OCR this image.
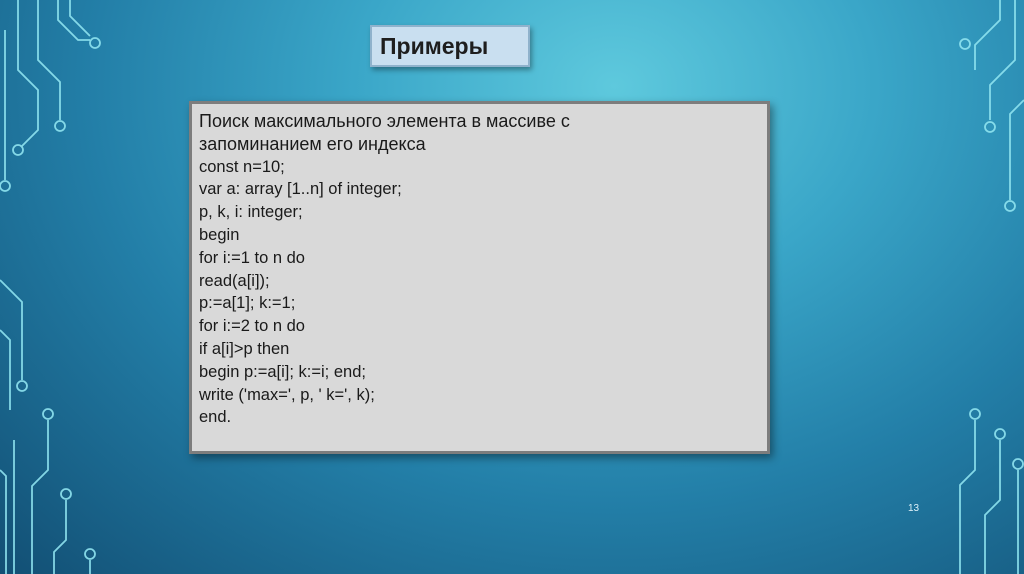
Примеры
Поиск максимального элемента в массиве с
запоминанием его индекса
const n=10;
var a: array [1..n] of integer;
p, k, i: integer;
begin
for i:=1 to n do
read(a[i]);
p:=a[1]; k:=1;
for i:=2 to n do
if a[i]>p then
begin p:=a[i]; k:=i; end;
write ('max=', p, ' k=', k);
end.
13
